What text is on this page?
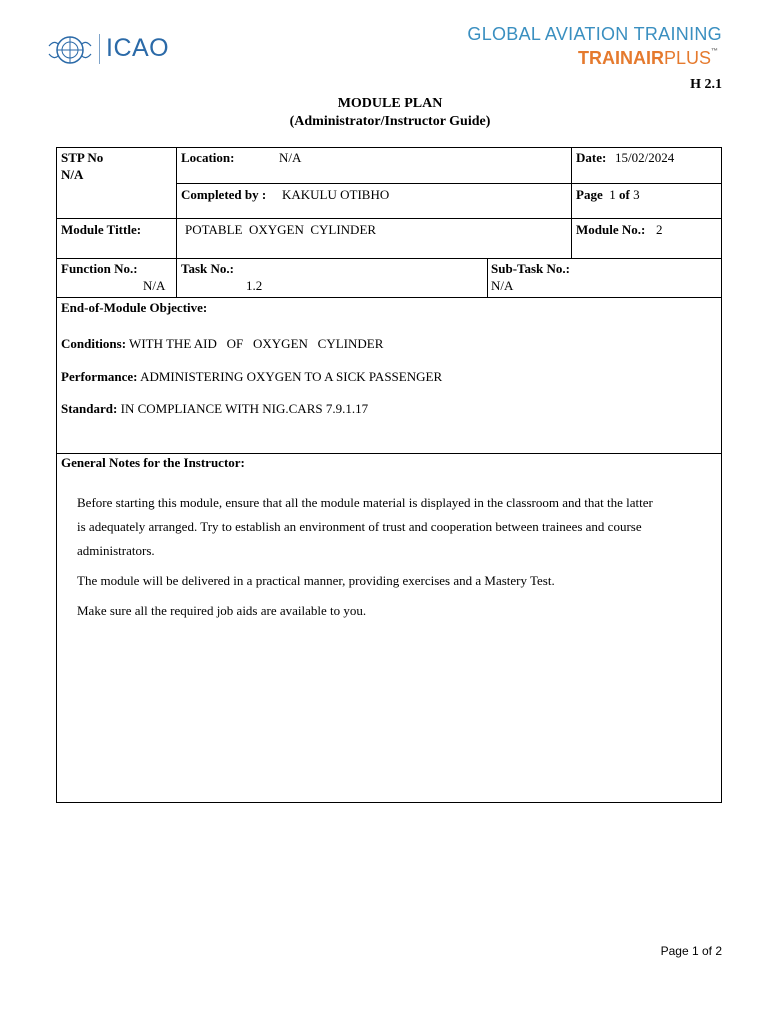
ICAO	GLOBAL AVIATION TRAINING
TRAINAIRPLUS™
H 2.1
MODULE PLAN
(Administrator/Instructor Guide)
STP No
N/A
Location:	N/A	Date: 15/02/2024
Completed by : KAKULU OTIBHO	Page 1 of 3
Module Tittle:	POTABLE  OXYGEN  CYLINDER	Module No.: 2
Function No.:
N/A
Task No.:
1.2
Sub-Task No.:
N/A
End-of-Module Objective:
Conditions: WITH THE AID   OF   OXYGEN   CYLINDER
Performance: ADMINISTERING OXYGEN TO A SICK PASSENGER
Standard: IN COMPLIANCE WITH NIG.CARS 7.9.1.17
General Notes for the Instructor:

Before starting this module, ensure that all the module material is displayed in the classroom and that the latter

is adequately arranged. Try to establish an environment of trust and cooperation between trainees and course

administrators.

The module will be delivered in a practical manner, providing exercises and a Mastery Test.

Make sure all the required job aids are available to you.

Page 1 of 2
